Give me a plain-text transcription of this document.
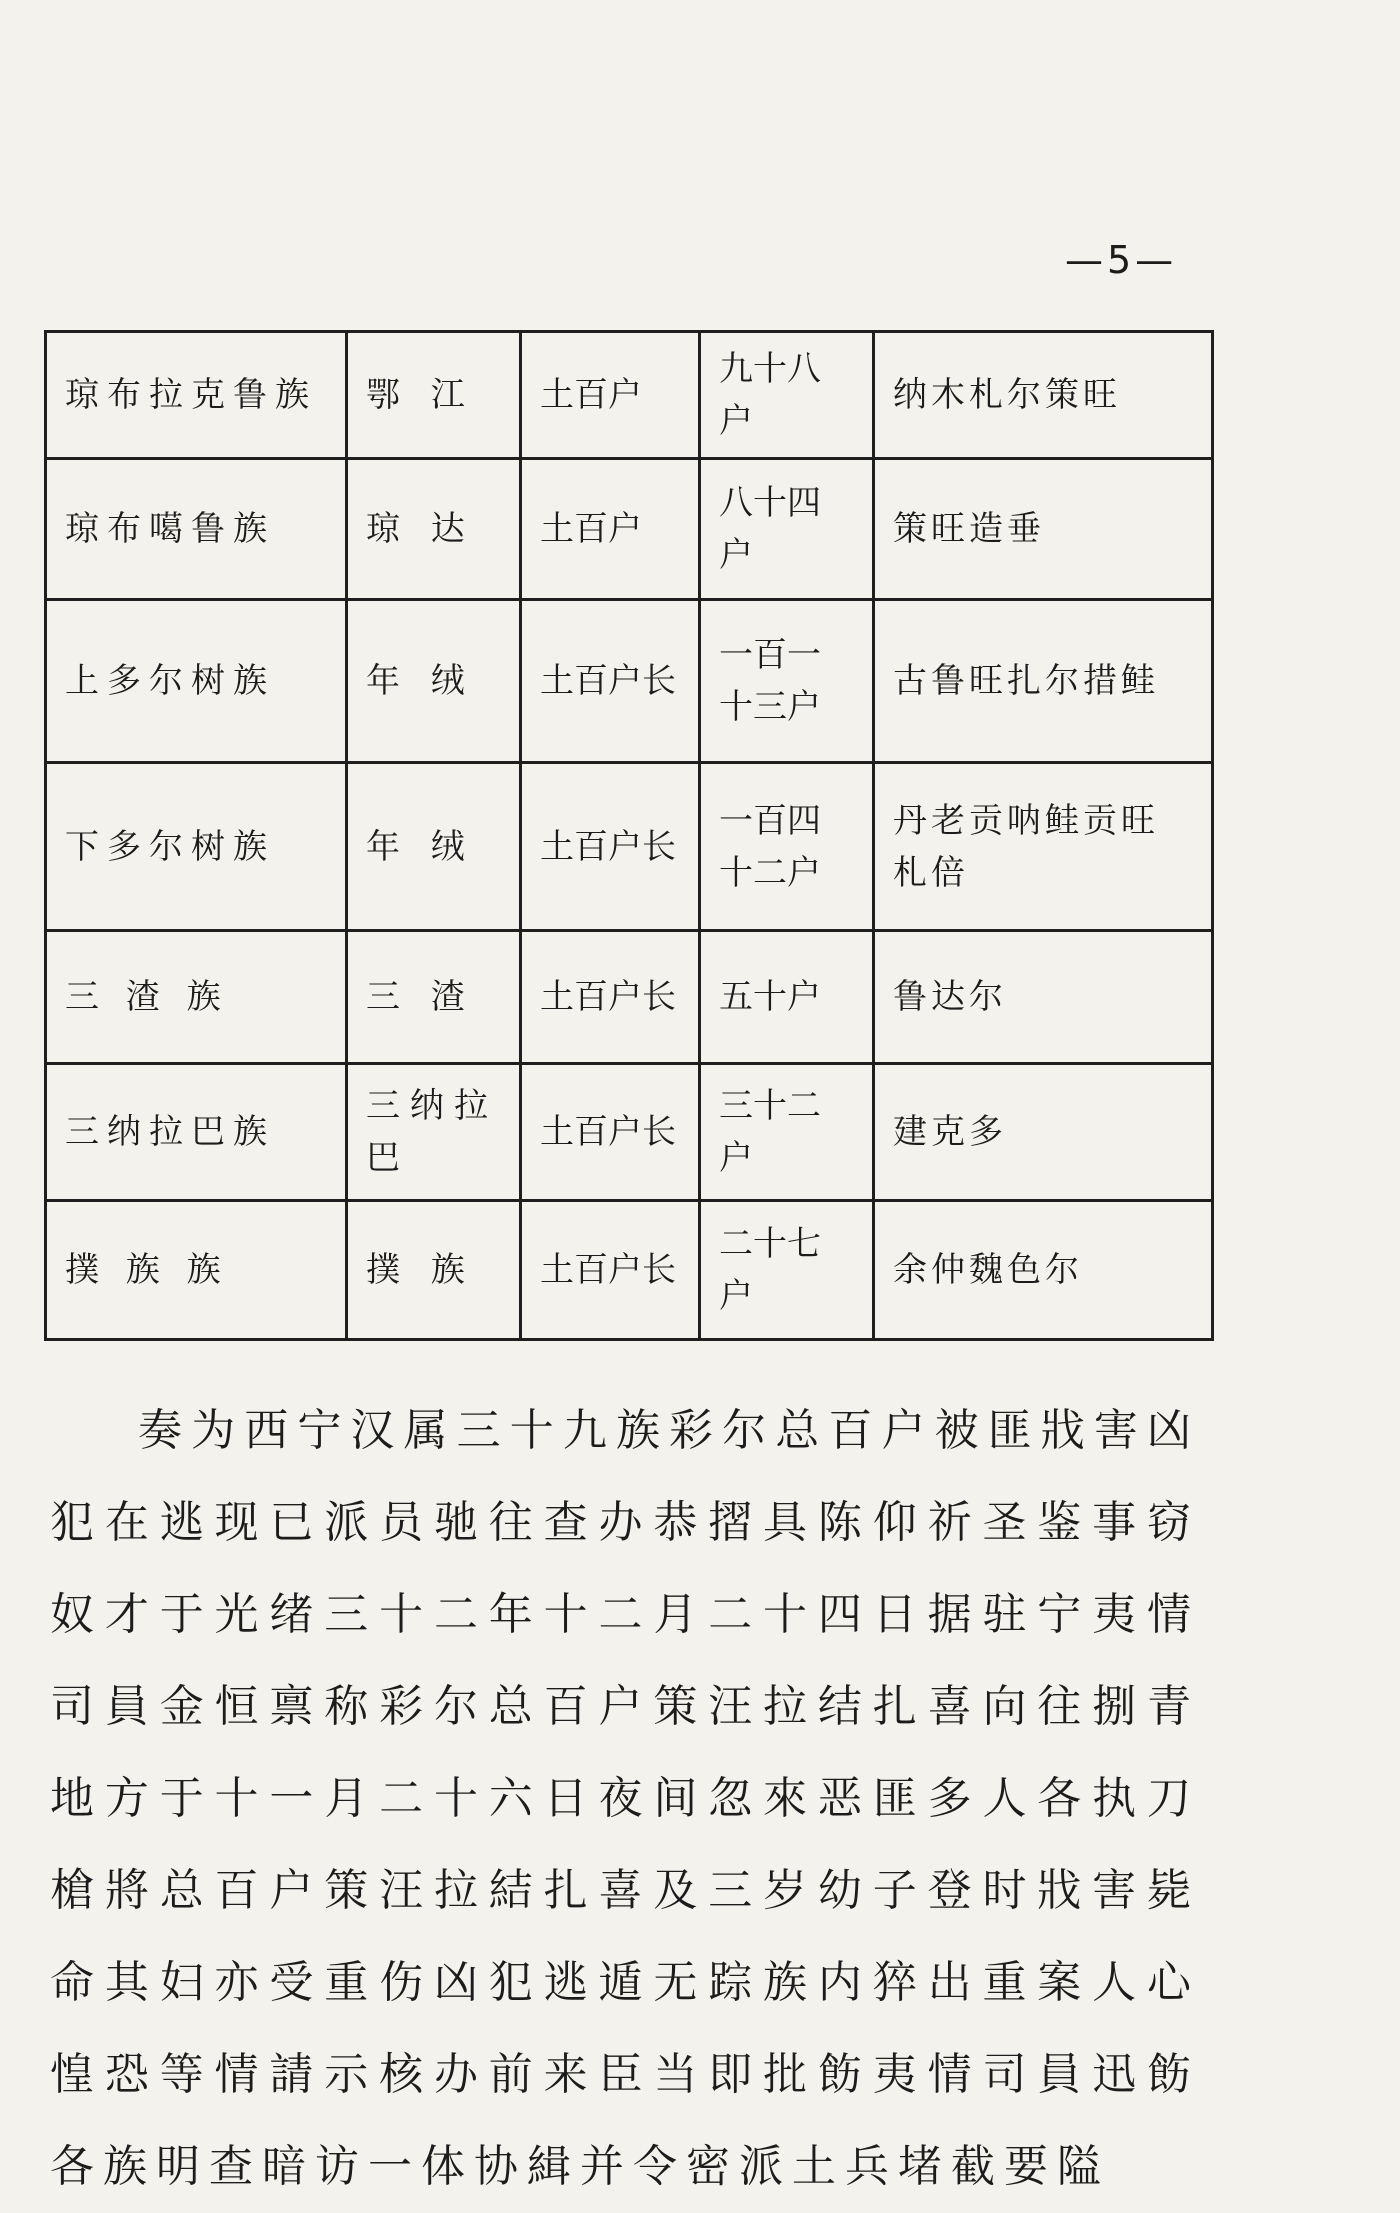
—5—
琼布拉克鲁族	鄂 江	土百户	九十八户	纳木札尔策旺
琼布噶鲁族	琼 达	土百户	八十四户	策旺造垂
上多尔树族	年 绒	土百户长	一百一十三户	古鲁旺扎尔措鲑
下多尔树族	年 绒	土百户长	一百四十二户	丹老贡呐鲑贡旺札倍
三 渣 族	三 渣	土百户长	五十户	鲁达尔
三纳拉巴族	三纳拉巴	土百户长	三十二户	建克多
撲 族 族	撲 族	土百户长	二十七户	余仲魏色尔

奏为西宁汉属三十九族彩尔总百户被匪戕害凶犯在逃现已派员驰往查办恭摺具陈仰祈圣鉴事窃奴才于光绪三十二年十二月二十四日据驻宁夷情司員金恒禀称彩尔总百户策汪拉结扎喜向往捌青地方于十一月二十六日夜间忽來恶匪多人各执刀槍將总百户策汪拉結扎喜及三岁幼子登时戕害毙命其妇亦受重伤凶犯逃遁无踪族内猝出重案人心惶恐等情請示核办前来臣当即批飭夷情司員迅飭各族明查暗访一体协緝并令密派土兵堵截要隘
